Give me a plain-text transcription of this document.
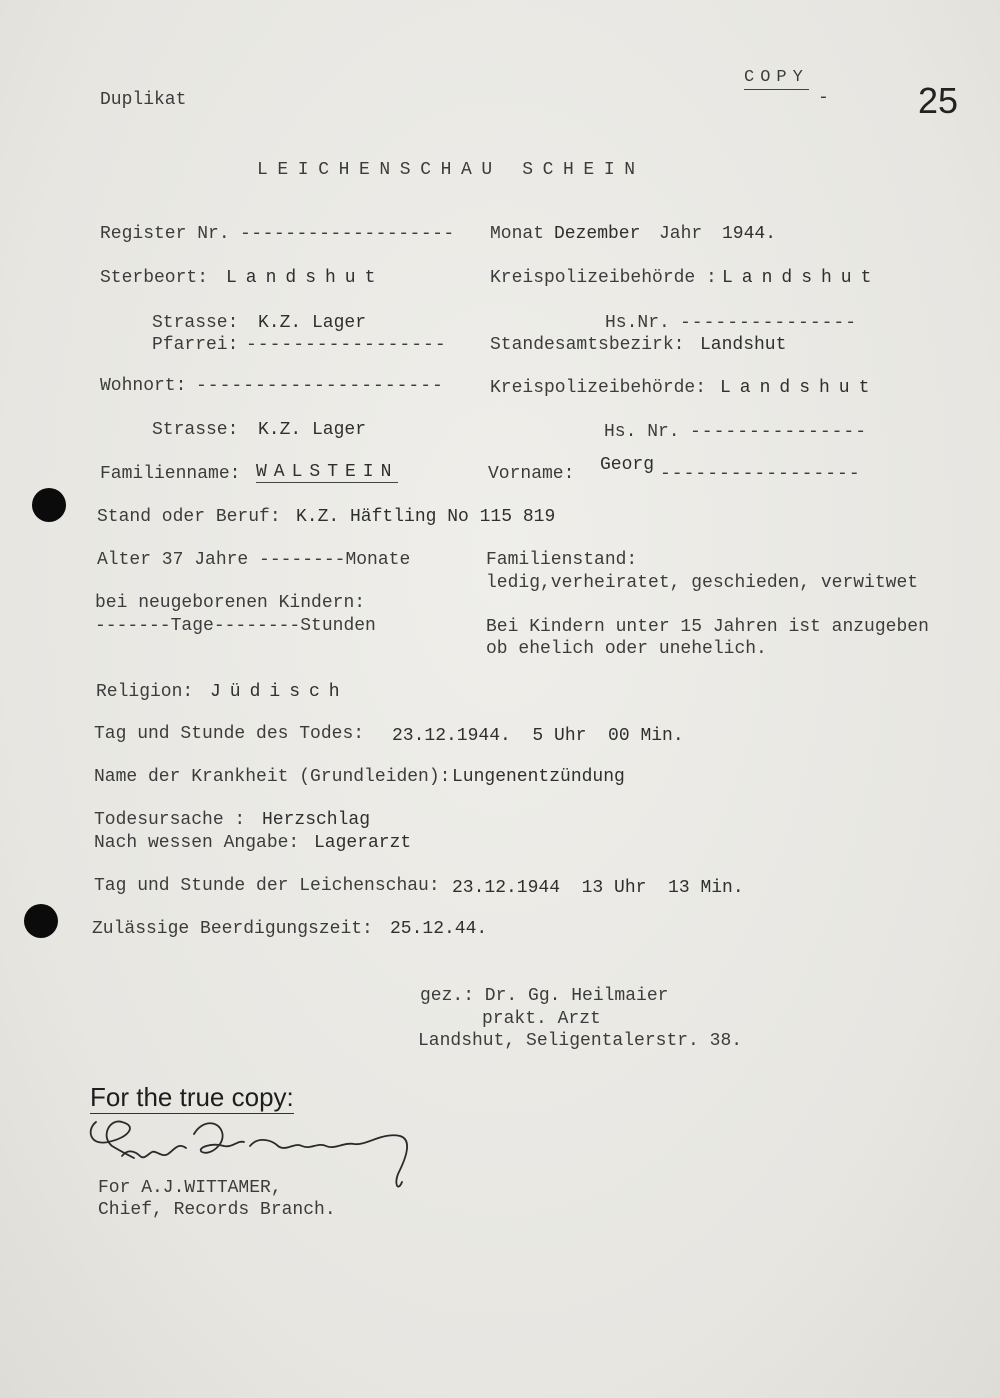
Duplikat
COPY
- 25
LEICHENSCHAU SCHEIN
Register Nr. ------------------- Monat Dezember Jahr 1944.
Sterbeort: Landshut	Kreispolizeibehörde : Landshut
Strasse: K.Z. Lager	Hs.Nr. ---------------
Pfarrei: ----------------- Standesamtsbezirk: Landshut
Wohnort: ---------------------	Kreispolizeibehörde: Landshut
Strasse: K.Z. Lager	Hs. Nr. ---------------
Familienname: WALSTEIN	Vorname: Georg -----------------
Stand oder Beruf: K.Z. Häftling No 115 819
Alter 37 Jahre --------Monate	Familienstand:
ledig,verheiratet, geschieden, verwitwet
bei neugeborenen Kindern:
-------Tage--------Stunden	Bei Kindern unter 15 Jahren ist anzugeben
ob ehelich oder unehelich.
Religion: Jüdisch
Tag und Stunde des Todes: 23.12.1944.  5 Uhr  00 Min.
Name der Krankheit (Grundleiden): Lungenentzündung
Todesursache : Herzschlag
Nach wessen Angabe: Lagerarzt
Tag und Stunde der Leichenschau: 23.12.1944  13 Uhr  13 Min.
Zulässige Beerdigungszeit: 25.12.44.
gez.: Dr. Gg. Heilmaier
prakt. Arzt
Landshut, Seligentalerstr. 38.
For the true copy:
For A.J.WITTAMER,
Chief, Records Branch.
